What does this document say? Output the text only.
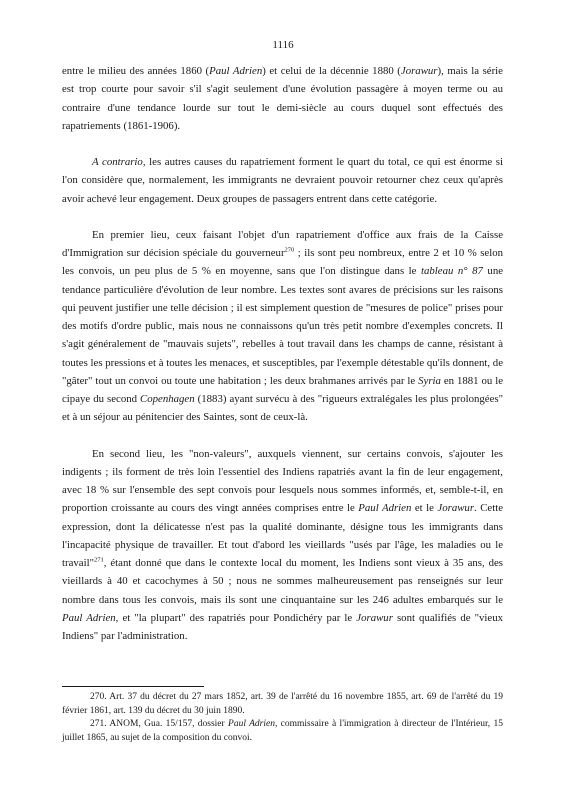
1116

entre le milieu des années 1860 (Paul Adrien) et celui de la décennie 1880 (Jorawur), mais la série est trop courte pour savoir s'il s'agit seulement d'une évolution passagère à moyen terme ou au contraire d'une tendance lourde sur tout le demi-siècle au cours duquel sont effectués des rapatriements (1861-1906).

A contrario, les autres causes du rapatriement forment le quart du total, ce qui est énorme si l'on considère que, normalement, les immigrants ne devraient pouvoir retourner chez ceux qu'après avoir achevé leur engagement. Deux groupes de passagers entrent dans cette catégorie.

En premier lieu, ceux faisant l'objet d'un rapatriement d'office aux frais de la Caisse d'Immigration sur décision spéciale du gouverneur$^{270}$ ; ils sont peu nombreux, entre 2 et 10 % selon les convois, un peu plus de 5 % en moyenne, sans que l'on distingue dans le tableau n° 87 une tendance particulière d'évolution de leur nombre. Les textes sont avares de précisions sur les raisons qui peuvent justifier une telle décision ; il est simplement question de "mesures de police" prises pour des motifs d'ordre public, mais nous ne connaissons qu'un très petit nombre d'exemples concrets. Il s'agit généralement de "mauvais sujets", rebelles à tout travail dans les champs de canne, résistant à toutes les pressions et à toutes les menaces, et susceptibles, par l'exemple détestable qu'ils donnent, de "gâter" tout un convoi ou toute une habitation ; les deux brahmanes arrivés par le Syria en 1881 ou le cipaye du second Copenhagen (1883) ayant survécu à des "rigueurs extralégales les plus prolongées" et à un séjour au pénitencier des Saintes, sont de ceux-là.

En second lieu, les "non-valeurs", auxquels viennent, sur certains convois, s'ajouter les indigents ; ils forment de très loin l'essentiel des Indiens rapatriés avant la fin de leur engagement, avec 18 % sur l'ensemble des sept convois pour lesquels nous sommes informés, et, semble-t-il, en proportion croissante au cours des vingt années comprises entre le Paul Adrien et le Jorawur. Cette expression, dont la délicatesse n'est pas la qualité dominante, désigne tous les immigrants dans l'incapacité physique de travailler. Et tout d'abord les vieillards "usés par l'âge, les maladies ou le travail"$^{271}$, étant donné que dans le contexte local du moment, les Indiens sont vieux à 35 ans, des vieillards à 40 et cacochymes à 50 ; nous ne sommes malheureusement pas renseignés sur leur nombre dans tous les convois, mais ils sont une cinquantaine sur les 246 adultes embarqués sur le Paul Adrien, et "la plupart" des rapatriés pour Pondichéry par le Jorawur sont qualifiés de "vieux Indiens" par l'administration.

270. Art. 37 du décret du 27 mars 1852, art. 39 de l'arrêté du 16 novembre 1855, art. 69 de l'arrêté du 19 février 1861, art. 139 du décret du 30 juin 1890.

271. ANOM, Gua. 15/157, dossier Paul Adrien, commissaire à l'immigration à directeur de l'Intérieur, 15 juillet 1865, au sujet de la composition du convoi.
